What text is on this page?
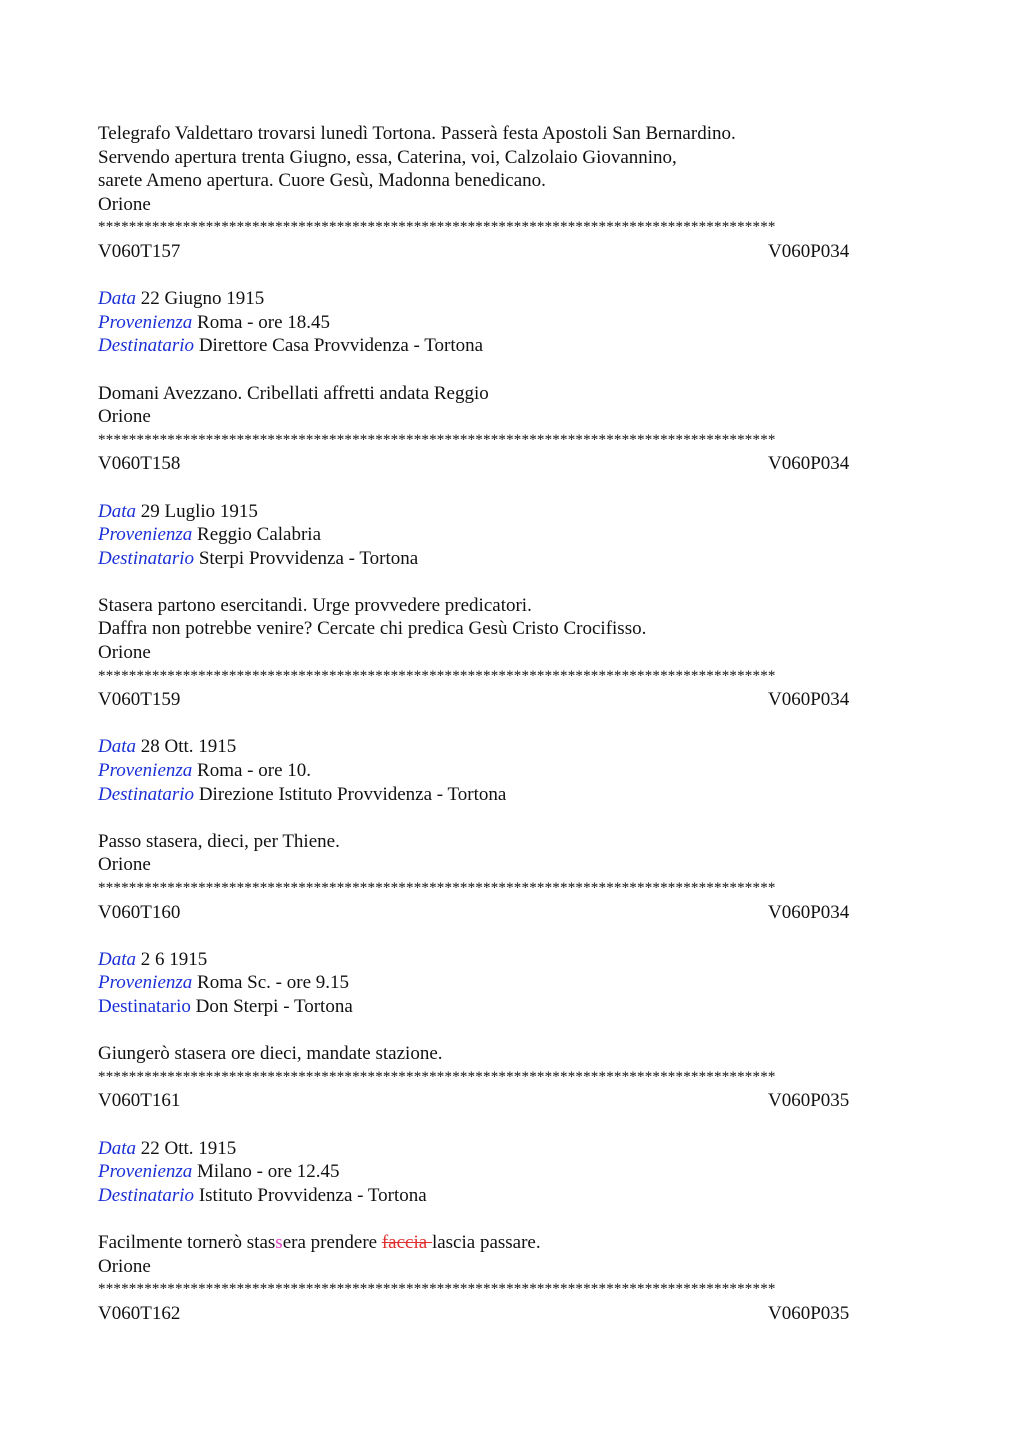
Telegrafo Valdettaro trovarsi lunedì Tortona. Passerà festa Apostoli San Bernardino.
Servendo apertura trenta Giugno, essa, Caterina, voi, Calzolaio Giovannino,
sarete Ameno apertura. Cuore Gesù, Madonna benedicano.
Orione
****************************************************************************************
V060T157	V060P034
Data 22 Giugno 1915
Provenienza Roma - ore 18.45
Destinatario Direttore Casa Provvidenza - Tortona
Domani Avezzano. Cribellati affretti andata Reggio
Orione
****************************************************************************************
V060T158	V060P034
Data 29 Luglio 1915
Provenienza Reggio Calabria
Destinatario Sterpi Provvidenza - Tortona
Stasera partono esercitandi. Urge provvedere predicatori.
Daffra non potrebbe venire? Cercate chi predica Gesù Cristo Crocifisso.
Orione
****************************************************************************************
V060T159	V060P034
Data 28 Ott. 1915
Provenienza Roma - ore 10.
Destinatario Direzione Istituto Provvidenza - Tortona
Passo stasera, dieci, per Thiene.
Orione
****************************************************************************************
V060T160	V060P034
Data 2 6 1915
Provenienza Roma Sc. - ore 9.15
Destinatario Don Sterpi - Tortona
Giungerò stasera ore dieci, mandate stazione.
****************************************************************************************
V060T161	V060P035
Data 22 Ott. 1915
Provenienza Milano - ore 12.45
Destinatario Istituto Provvidenza - Tortona
Facilmente tornerò stassera prendere faccia lascia passare.
Orione
****************************************************************************************
V060T162	V060P035
